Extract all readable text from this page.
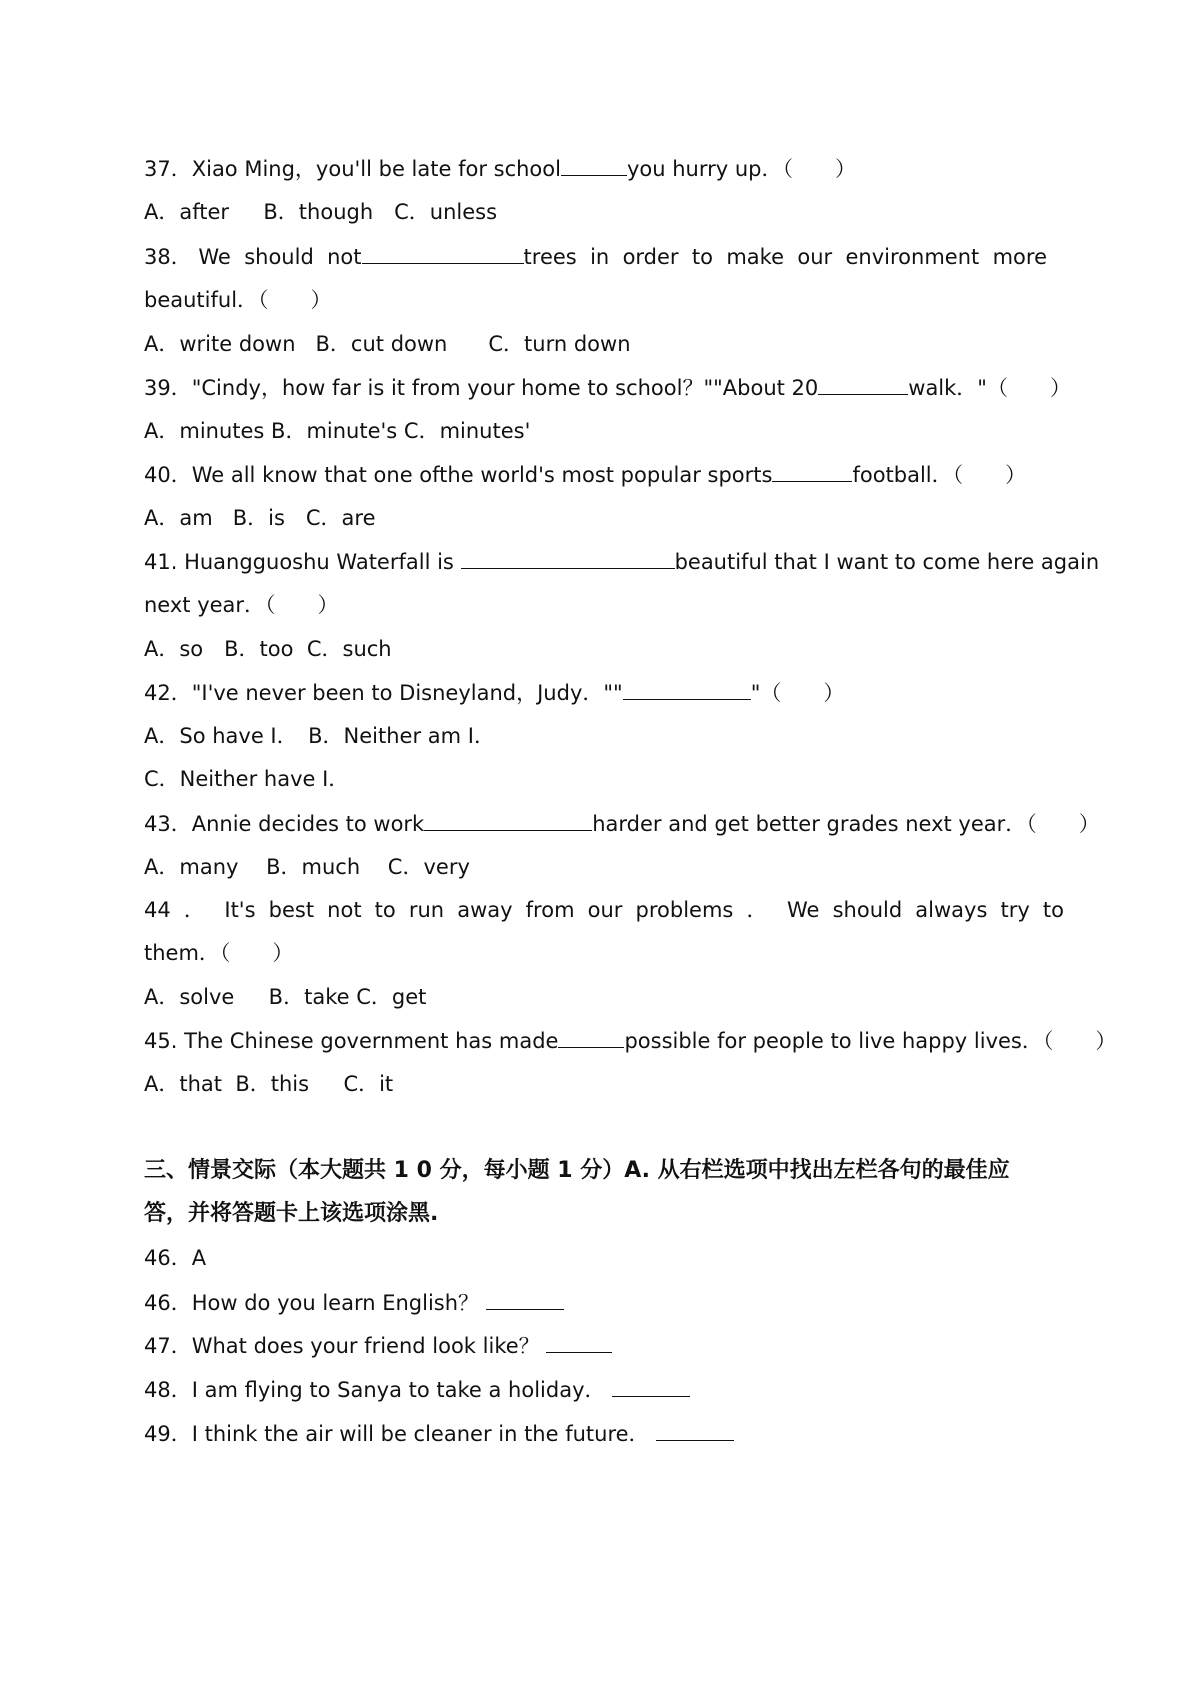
37．Xiao Ming，you'll be late for school	you hurry up．（　　）
A．after　  B．though　C．unless
38． We  should  not	trees  in  order  to  make  our  environment  more
beautiful．（　　）
A．write down   B．cut down　   C．turn down
39．"Cindy，how far is it from your home to school？""About 20	walk．"（　　）
A．minutes B．minute's C．minutes'
40．We all know that one ofthe world's most popular sports	football．（　　）
A．am   B．is　C．are
41. Huangguoshu Waterfall is	beautiful that I want to come here again
next year．（　　）
A．so　B．too  C．such
42．"I've never been to Disneyland，Judy．""	"（　　）
A．So have I．　B．Neither am I．
C．Neither have I．
43．Annie decides to work	harder and get better grades next year．（　　）
A．many　 B．much　 C．very
44 ． It's best not to run away from our problems ． We should always try to
them．（　　）
A．solve　  B．take C．get
45. The Chinese government has made	possible for people to live happy lives．（　　）
A．that  B．this　  C．it
三、情景交际（本大题共 1 0 分，每小题 1 分）A. 从右栏选项中找出左栏各句的最佳应
答，并将答题卡上该选项涂黑.
46．A
46．How do you learn English？
47．What does your friend look like？
48．I am flying to Sanya to take a holiday．
49．I think the air will be cleaner in the future．
